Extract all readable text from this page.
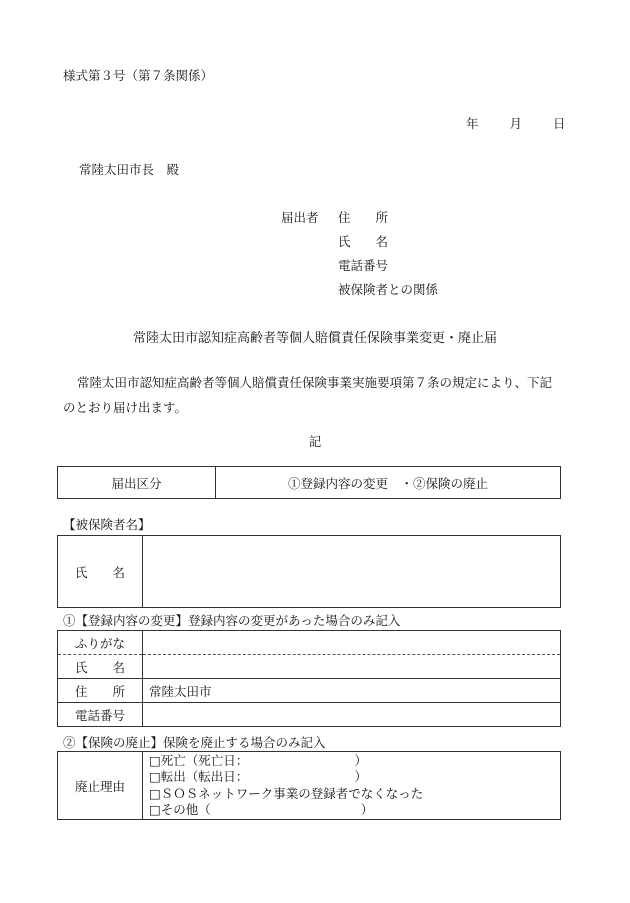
様式第３号（第７条関係）
年 月 日
常陸太田市長　殿
届出者 住　　所
氏　　名
電話番号
被保険者との関係
常陸太田市認知症高齢者等個人賠償責任保険事業変更・廃止届
常陸太田市認知症高齢者等個人賠償責任保険事業実施要項第７条の規定により、下記のとおり届け出ます。
記
届出区分	①登録内容の変更　・②保険の廃止
【被保険者名】
氏　　名	
①【登録内容の変更】登録内容の変更があった場合のみ記入
ふりがな	
氏　　名	
住　　所	常陸太田市
電話番号	
②【保険の廃止】保険を廃止する場合のみ記入
廃止理由	
□死亡（死亡日：　　　　　　　　　）
□転出（転出日：　　　　　　　　　）
□ＳＯＳネットワーク事業の登録者でなくなった
□その他（　　　　　　　　　　　　）
